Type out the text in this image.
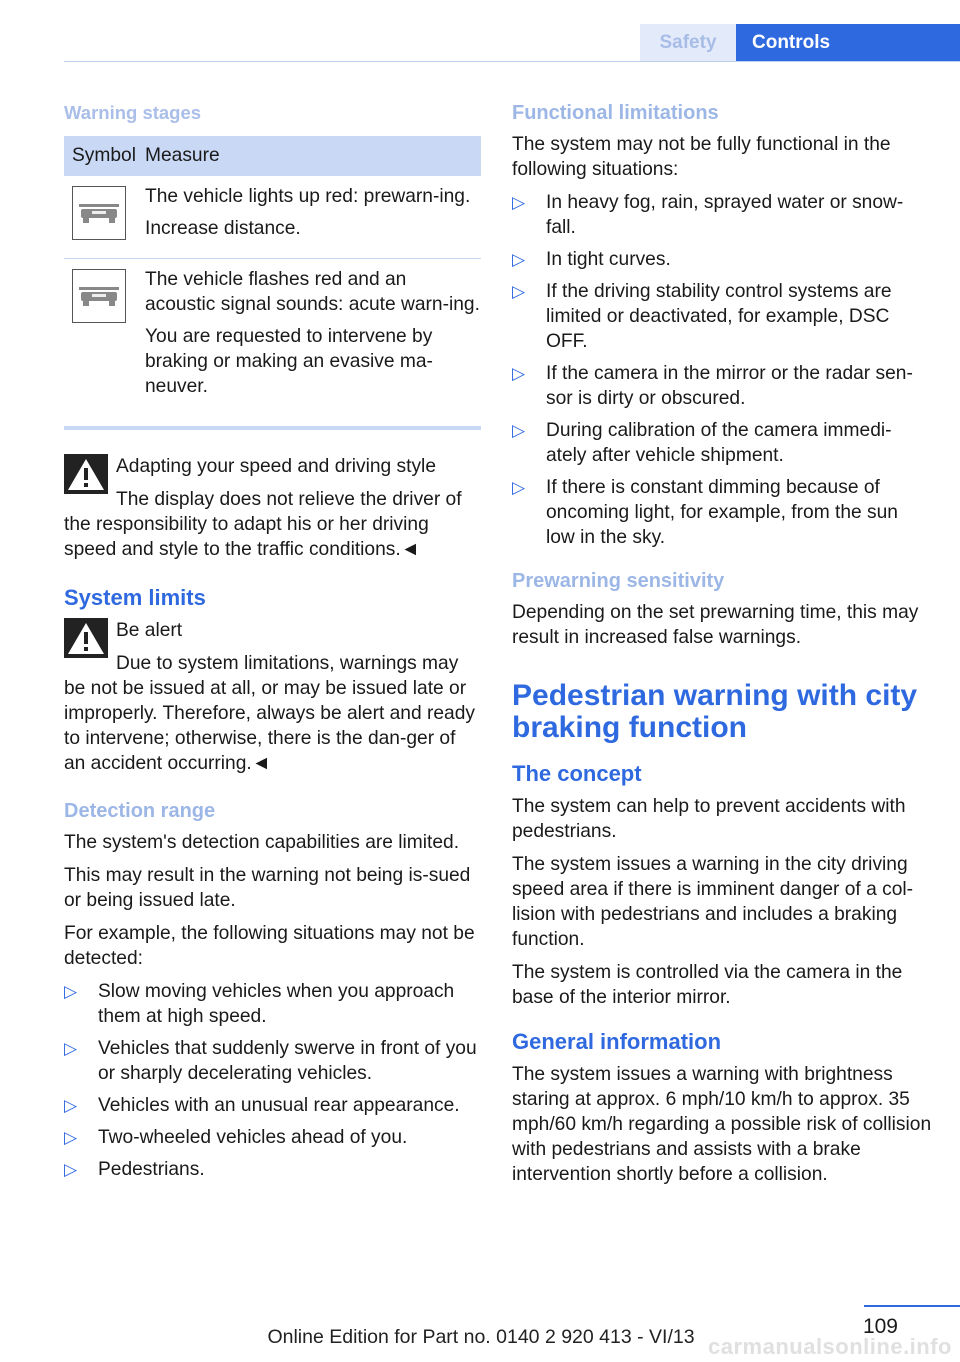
Safety Controls
Warning stages
Symbol Measure

The vehicle lights up red: prewarn-ing.

Increase distance.

The vehicle flashes red and an acoustic signal sounds: acute warn-ing.

You are requested to intervene by braking or making an evasive ma-neuver.

Adapting your speed and driving style

The display does not relieve the driver of the responsibility to adapt his or her driving speed and style to the traffic conditions.◄

System limits

Be alert

Due to system limitations, warnings may be not be issued at all, or may be issued late or improperly. Therefore, always be alert and ready to intervene; otherwise, there is the dan-ger of an accident occurring.◄

Detection range

The system's detection capabilities are limited.

This may result in the warning not being is-sued or being issued late.

For example, the following situations may not be detected:

▷ Slow moving vehicles when you approach them at high speed.
▷ Vehicles that suddenly swerve in front of you or sharply decelerating vehicles.
▷ Vehicles with an unusual rear appearance.
▷ Two-wheeled vehicles ahead of you.
▷ Pedestrians.
Functional limitations

The system may not be fully functional in the following situations:

▷ In heavy fog, rain, sprayed water or snow-fall.
▷ In tight curves.
▷ If the driving stability control systems are limited or deactivated, for example, DSC OFF.
▷ If the camera in the mirror or the radar sen-sor is dirty or obscured.
▷ During calibration of the camera immedi-ately after vehicle shipment.
▷ If there is constant dimming because of oncoming light, for example, from the sun low in the sky.
Prewarning sensitivity

Depending on the set prewarning time, this may result in increased false warnings.

Pedestrian warning with city braking function
The concept

The system can help to prevent accidents with pedestrians.

The system issues a warning in the city driving speed area if there is imminent danger of a col-lision with pedestrians and includes a braking function.

The system is controlled via the camera in the base of the interior mirror.

General information

The system issues a warning with brightness staring at approx. 6 mph/10 km/h to approx. 35 mph/60 km/h regarding a possible risk of collision with pedestrians and assists with a brake intervention shortly before a collision.

109
Online Edition for Part no. 0140 2 920 413 - VI/13 carmanualsonline.info
